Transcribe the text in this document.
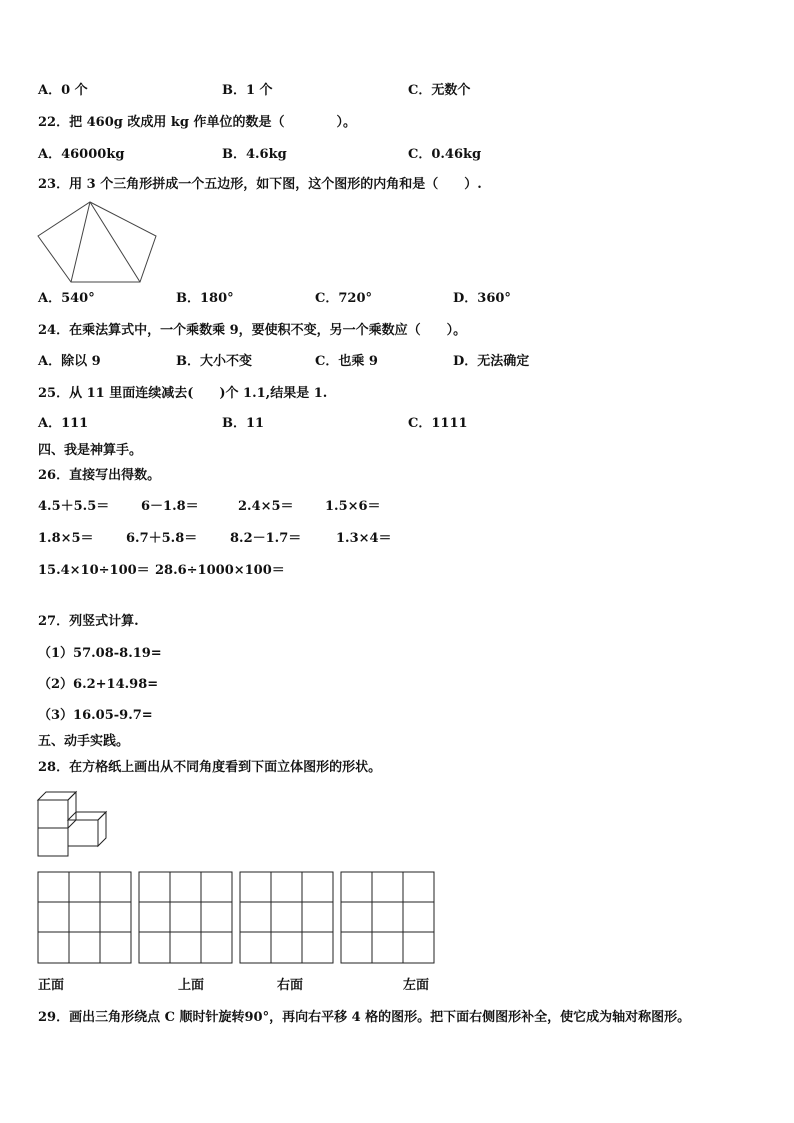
A．0 个	B．1 个	C．无数个
22．把 460g 改成用 kg 作单位的数是（　　　　）。
A．46000kg	B．4.6kg	C．0.46kg
23．用 3 个三角形拼成一个五边形，如下图，这个图形的内角和是（　　）.
A．540°	B．180°	C．720°	D．360°
24．在乘法算式中，一个乘数乘 9，要使积不变，另一个乘数应（　　）。
A．除以 9	B．大小不变	C．也乘 9	D．无法确定
25．从 11 里面连续减去(　　)个 1.1,结果是 1.
A．111	B．11	C．1111
四、我是神算手。
26．直接写出得数。
4.5＋5.5＝ 6－1.8＝	2.4×5＝ 1.5×6＝
1.8×5＝ 6.7＋5.8＝	8.2－1.7＝	1.3×4＝
15.4×10÷100＝ 28.6÷1000×100＝
27．列竖式计算.
（1）57.08-8.19=
（2）6.2+14.98=
（3）16.05-9.7=
五、动手实践。
28．在方格纸上画出从不同角度看到下面立体图形的形状。
正面	上面	右面	左面
29．画出三角形绕点 C 顺时针旋转90°，再向右平移 4 格的图形。把下面右侧图形补全，使它成为轴对称图形。
